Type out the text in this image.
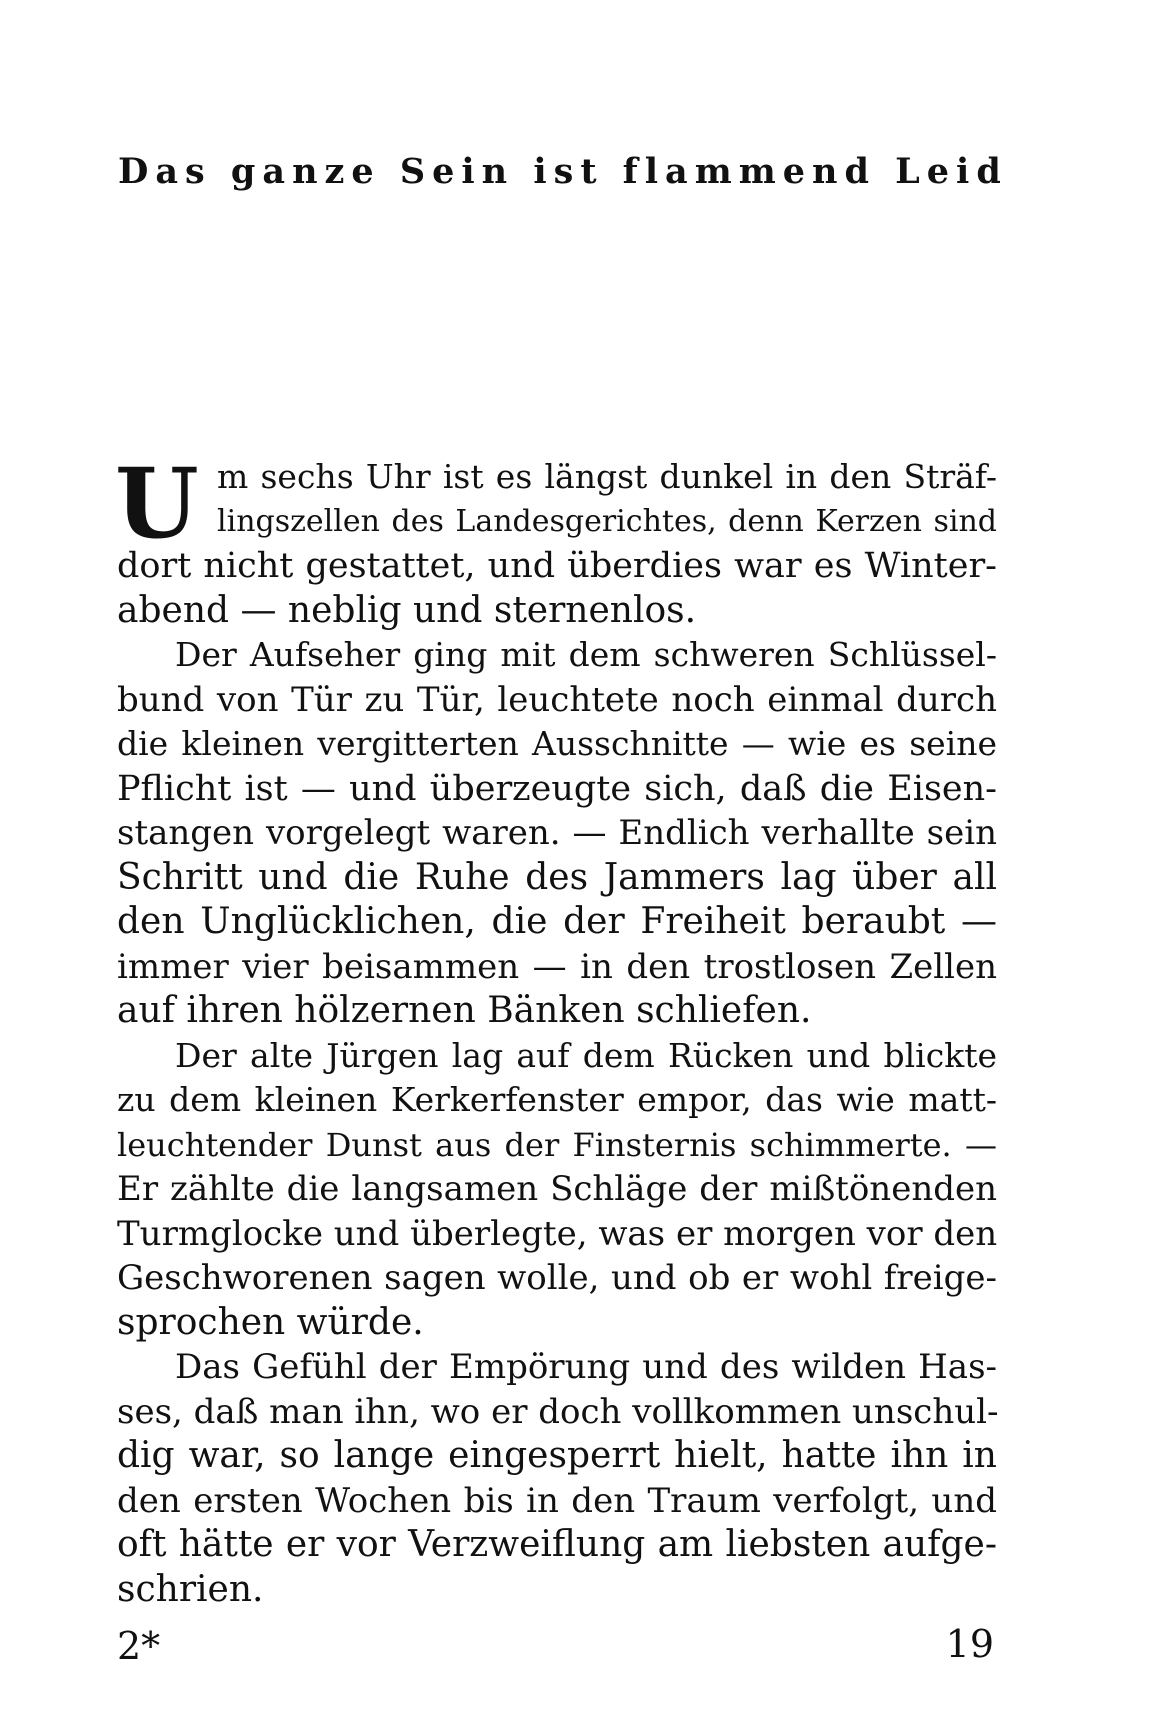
Das ganze Sein ist flammend Leid
U m sechs Uhr ist es längst dunkel in den Sträf-
lingszellen des Landesgerichtes, denn Kerzen sind
dort nicht gestattet, und überdies war es Winter-
abend — neblig und sternenlos.
Der Aufseher ging mit dem schweren Schlüssel-
bund von Tür zu Tür, leuchtete noch einmal durch
die kleinen vergitterten Ausschnitte — wie es seine
Pflicht ist — und überzeugte sich, daß die Eisen-
stangen vorgelegt waren. — Endlich verhallte sein
Schritt und die Ruhe des Jammers lag über all
den Unglücklichen, die der Freiheit beraubt —
immer vier beisammen — in den trostlosen Zellen
auf ihren hölzernen Bänken schliefen.
Der alte Jürgen lag auf dem Rücken und blickte
zu dem kleinen Kerkerfenster empor, das wie matt-
leuchtender Dunst aus der Finsternis schimmerte. —
Er zählte die langsamen Schläge der mißtönenden
Turmglocke und überlegte, was er morgen vor den
Geschworenen sagen wolle, und ob er wohl freige-
sprochen würde.
Das Gefühl der Empörung und des wilden Has-
ses, daß man ihn, wo er doch vollkommen unschul-
dig war, so lange eingesperrt hielt, hatte ihn in
den ersten Wochen bis in den Traum verfolgt, und
oft hätte er vor Verzweiflung am liebsten aufge-
schrien.
2*	19
